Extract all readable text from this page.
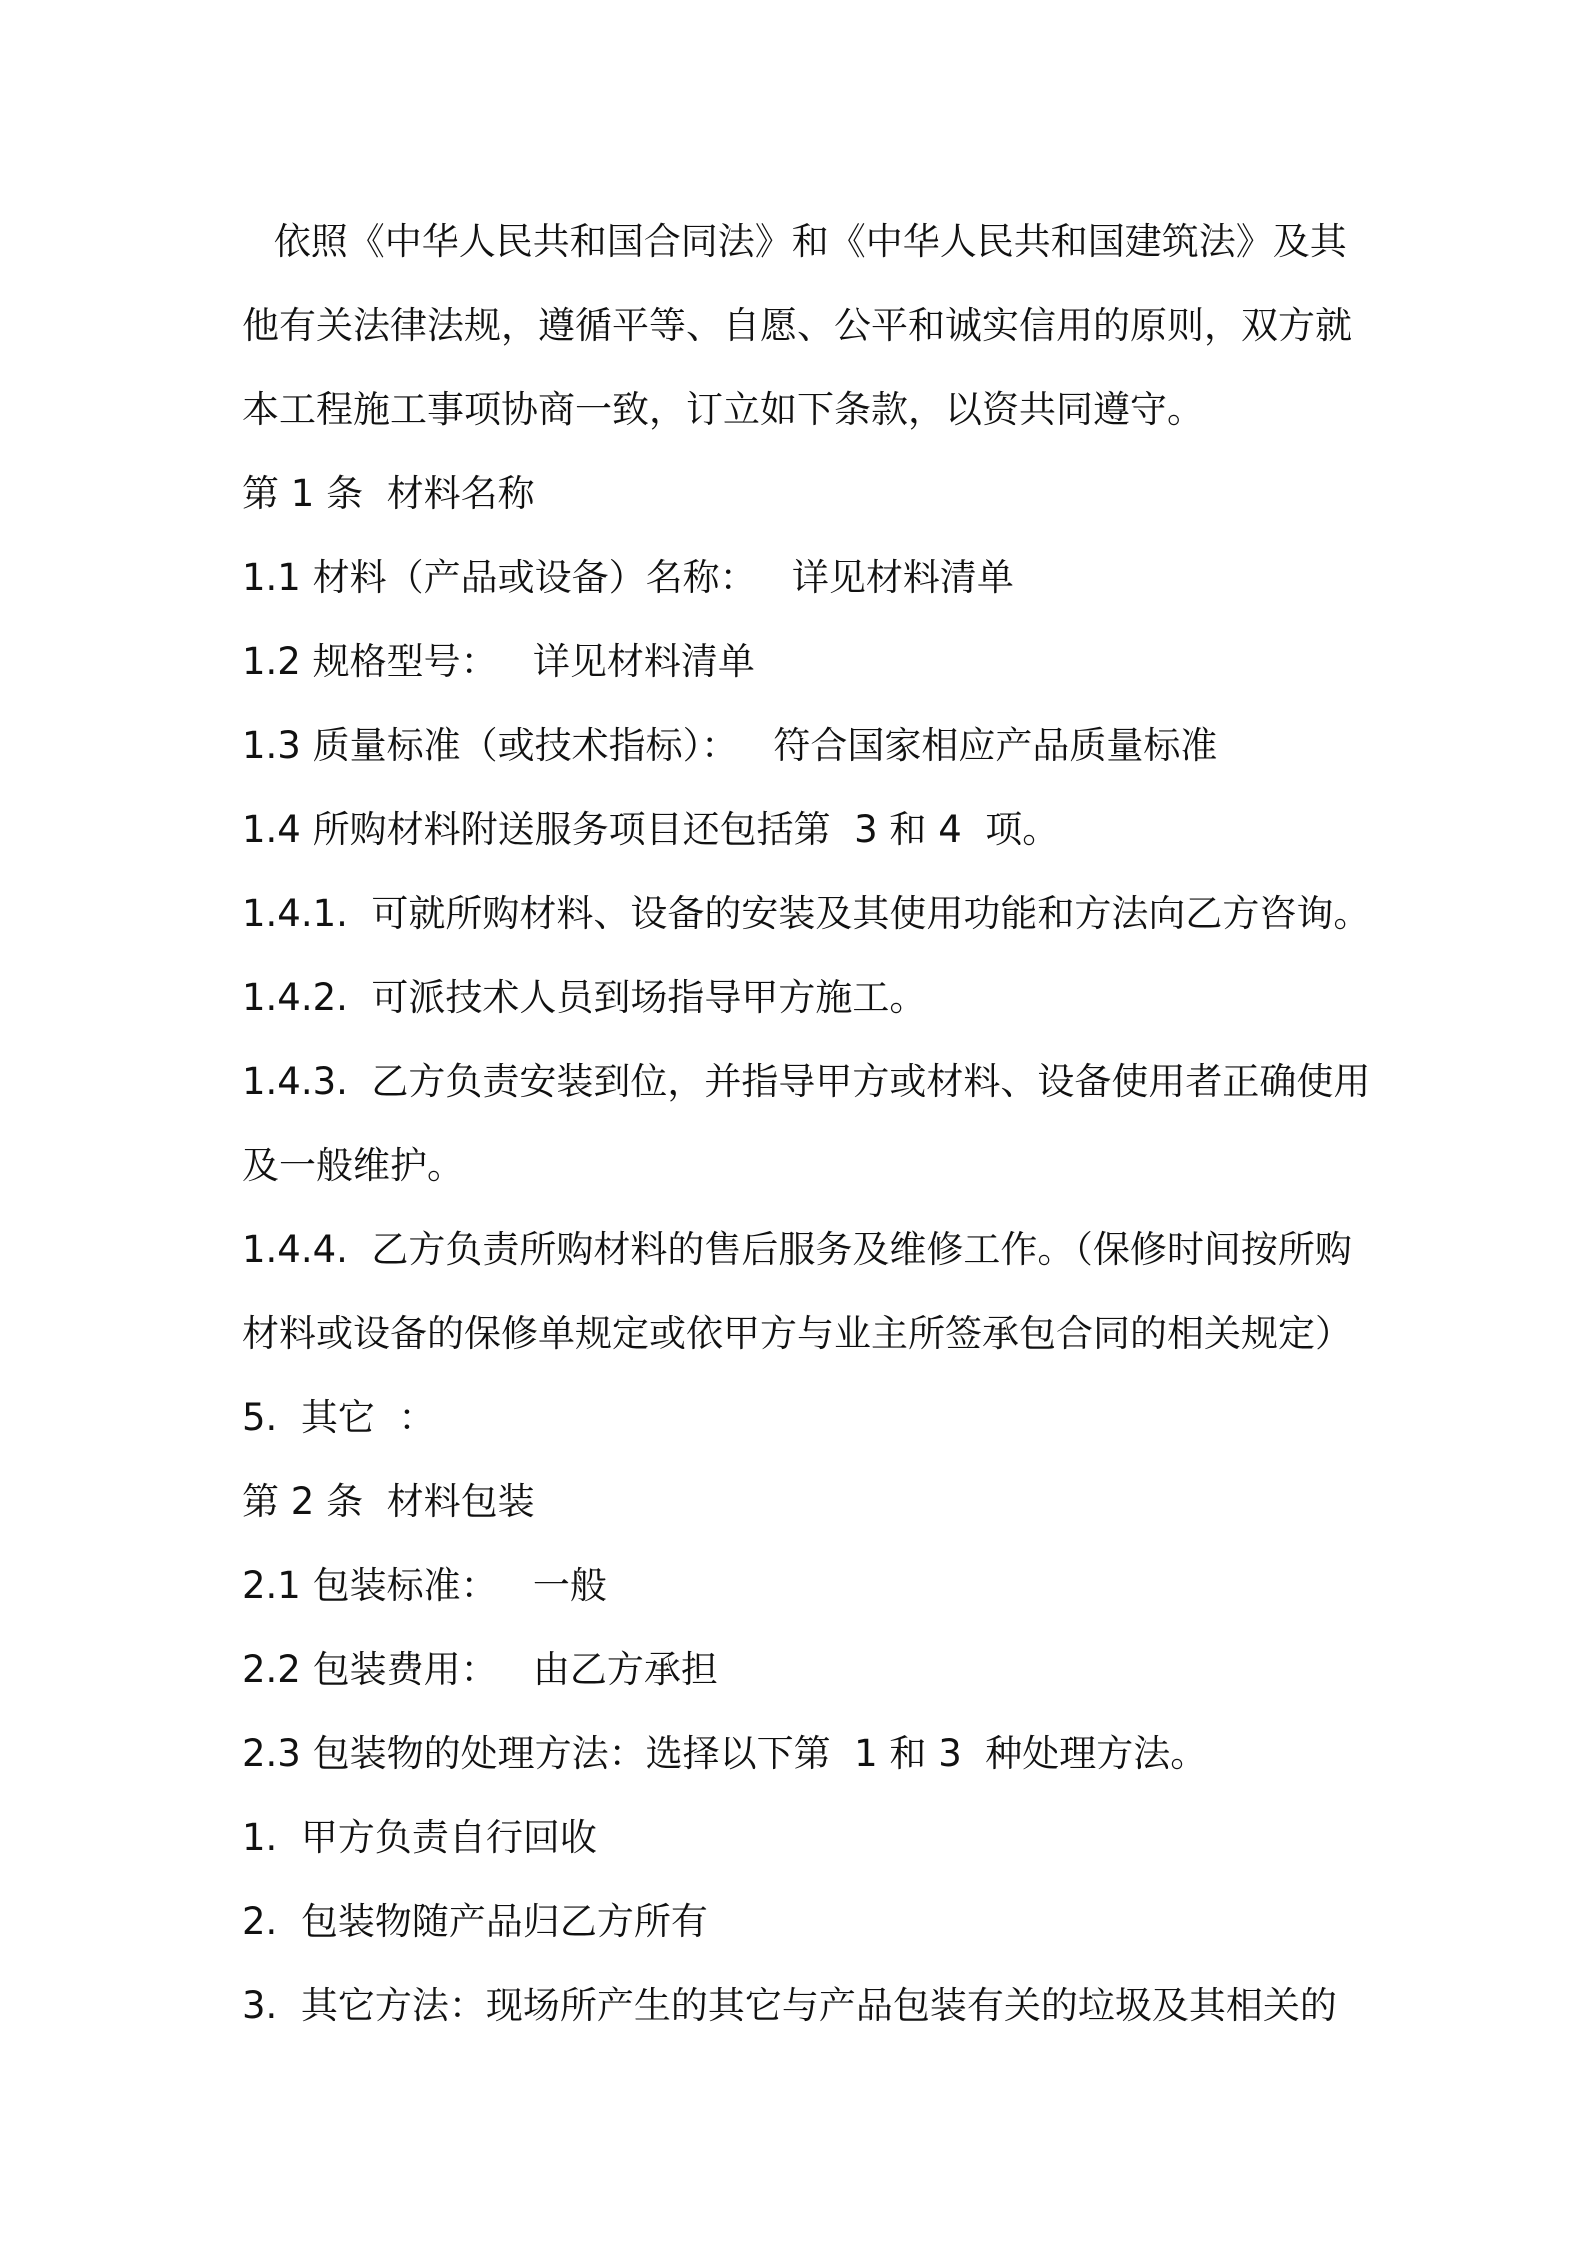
依照《中华人民共和国合同法》和《中华人民共和国建筑法》及其
他有关法律法规，遵循平等、自愿、公平和诚实信用的原则，双方就
本工程施工事项协商一致，订立如下条款，以资共同遵守。
第 1 条  材料名称
1.1 材料（产品或设备）名称：   详见材料清单
1.2 规格型号：   详见材料清单
1.3 质量标准（或技术指标）：   符合国家相应产品质量标准
1.4 所购材料附送服务项目还包括第  3 和 4  项。
1.4.1.  可就所购材料、设备的安装及其使用功能和方法向乙方咨询。
1.4.2.  可派技术人员到场指导甲方施工。
1.4.3.  乙方负责安装到位，并指导甲方或材料、设备使用者正确使用
及一般维护。
1.4.4.  乙方负责所购材料的售后服务及维修工作。（保修时间按所购
材料或设备的保修单规定或依甲方与业主所签承包合同的相关规定）
5.  其它  ：
第 2 条  材料包装
2.1 包装标准：   一般
2.2 包装费用：   由乙方承担
2.3 包装物的处理方法：选择以下第  1 和 3  种处理方法。
1.  甲方负责自行回收
2.  包装物随产品归乙方所有
3.  其它方法：现场所产生的其它与产品包装有关的垃圾及其相关的
